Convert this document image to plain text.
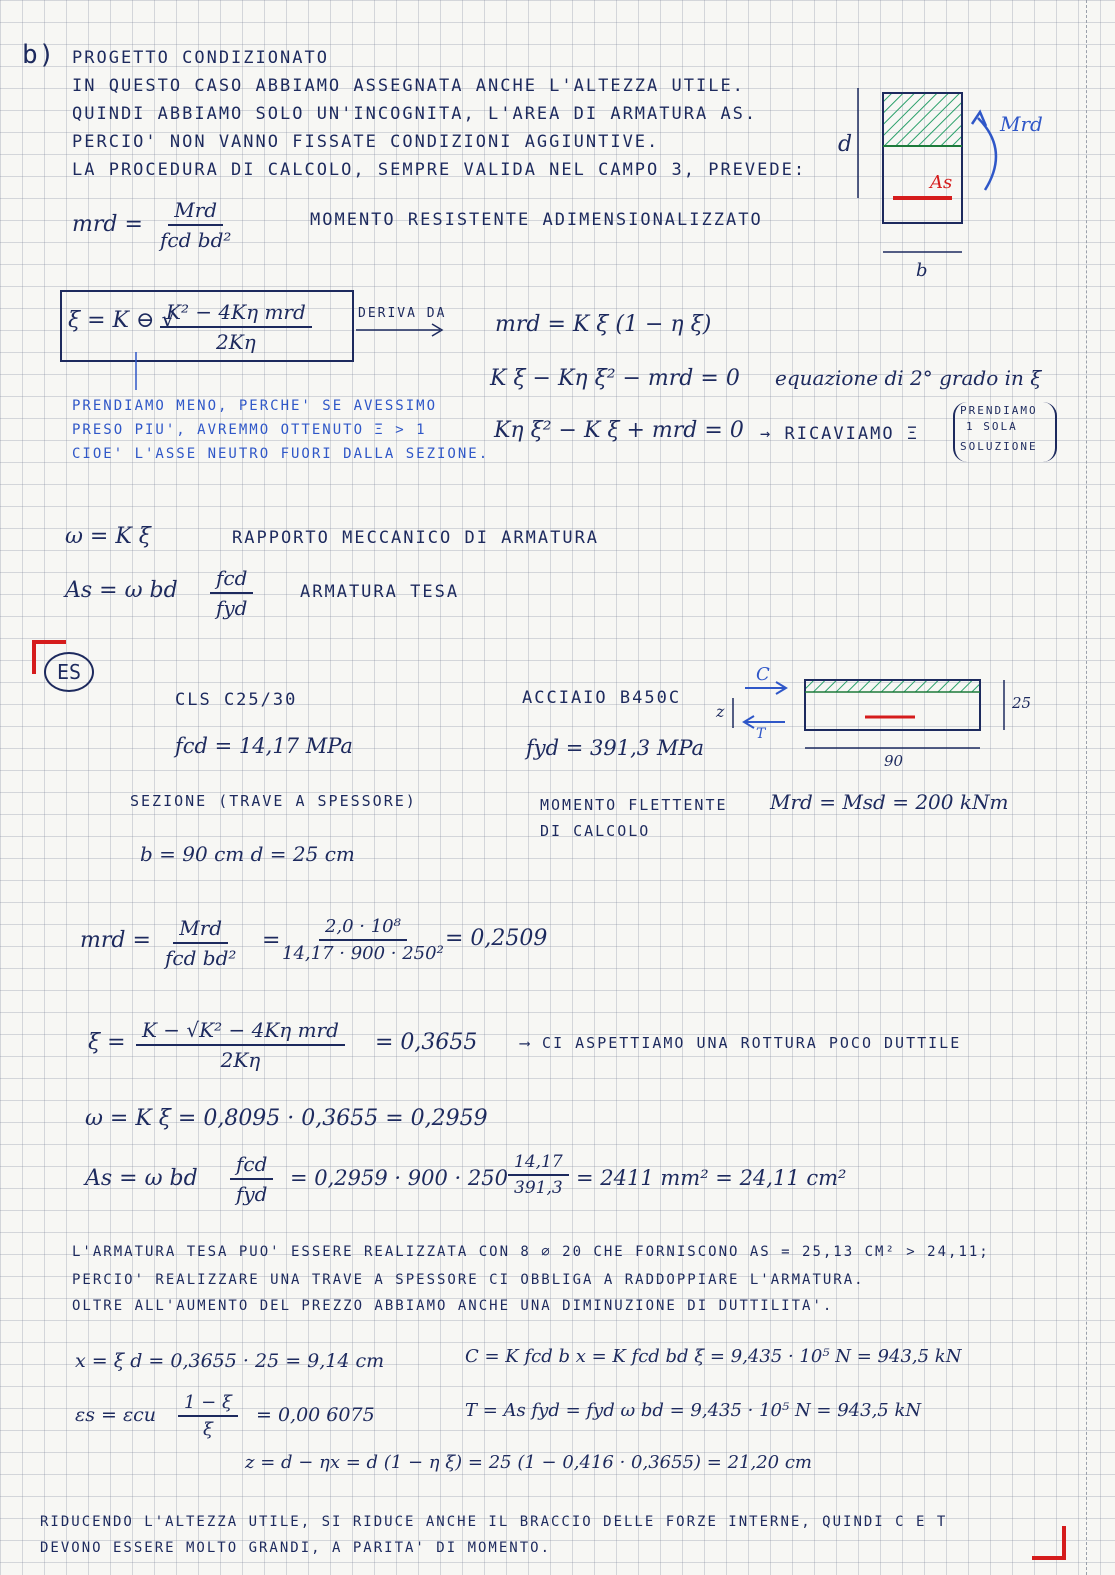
b) PROGETTO CONDIZIONATO
IN QUESTO CASO ABBIAMO ASSEGNATA ANCHE L'ALTEZZA UTILE.
QUINDI ABBIAMO SOLO UN'INCOGNITA, L'AREA DI ARMATURA AS.
PERCIO' NON VANNO FISSATE CONDIZIONI AGGIUNTIVE.
LA PROCEDURA DI CALCOLO, SEMPRE VALIDA NEL CAMPO 3, PREVEDE:
d
b
As
Mrd
mrd =
Mrd
fcd bd²
MOMENTO RESISTENTE ADIMENSIONALIZZATO
ξ = K ⊖ √
K² − 4Kη mrd
2Kη
DERIVA DA mrd = K ξ (1 − η ξ)
K ξ − Kη ξ² − mrd = 0 equazione di 2° grado in ξ
Kη ξ² − K ξ + mrd = 0 → RICAVIAMO Ξ
PRENDIAMO
1 SOLA
SOLUZIONE
PRENDIAMO MENO, PERCHE' SE AVESSIMO
PRESO PIU', AVREMMO OTTENUTO Ξ > 1
CIOE' L'ASSE NEUTRO FUORI DALLA SEZIONE.
ω = K ξ	RAPPORTO MECCANICO DI ARMATURA
As = ω bd	fcd
fyd
ARMATURA TESA
ES
CLS C25/30
fcd = 14,17 MPa
ACCIAIO B450C
fyd = 391,3 MPa
C
T
z	25
90
SEZIONE (TRAVE A SPESSORE)
b = 90 cm d = 25 cm
MOMENTO FLETTENTE
DI CALCOLO
Mrd = Msd = 200 kNm
mrd =	Mrd
fcd bd²
= $\frac{\text{2,0 · 10⁸}}{\text{14,17 · 900 · 250²}} = 0,2509$
ξ = K − √K² − 4Kη mrd
2Kη
= 0,3655	⟶ CI ASPETTIAMO UNA ROTTURA POCO DUTTILE
ω = K ξ = 0,8095 · 0,3655 = 0,2959
As = ω bd
fcd
fyd
= $0,2959 \cdot 900 \cdot 250 \frac{14,17}{391,3} = 2411$ mm² = 24,11 cm²
L'ARMATURA TESA PUO' ESSERE REALIZZATA CON 8 ∅ 20 CHE FORNISCONO AS = 25,13 CM² > 24,11;
PERCIO' REALIZZARE UNA TRAVE A SPESSORE CI OBBLIGA A RADDOPPIARE L'ARMATURA.
OLTRE ALL'AUMENTO DEL PREZZO ABBIAMO ANCHE UNA DIMINUZIONE DI DUTTILITA'.
x = ξ d = 0,3655 · 25 = 9,14 cm	C = K fcd b x = K fcd bd ξ = 9,435 · 10⁵ N = 943,5 kN
εs = εcu $\frac{1 - \xi}{\xi} = 0,00$ 6075	T = As fyd = fyd ω bd = 9,435 · 10⁵ N = 943,5 kN
z = d − ηx = d (1 − η ξ) = 25 (1 − 0,416 · 0,3655) = 21,20 cm
RIDUCENDO L'ALTEZZA UTILE, SI RIDUCE ANCHE IL BRACCIO DELLE FORZE INTERNE, QUINDI C E T
DEVONO ESSERE MOLTO GRANDI, A PARITA' DI MOMENTO.
